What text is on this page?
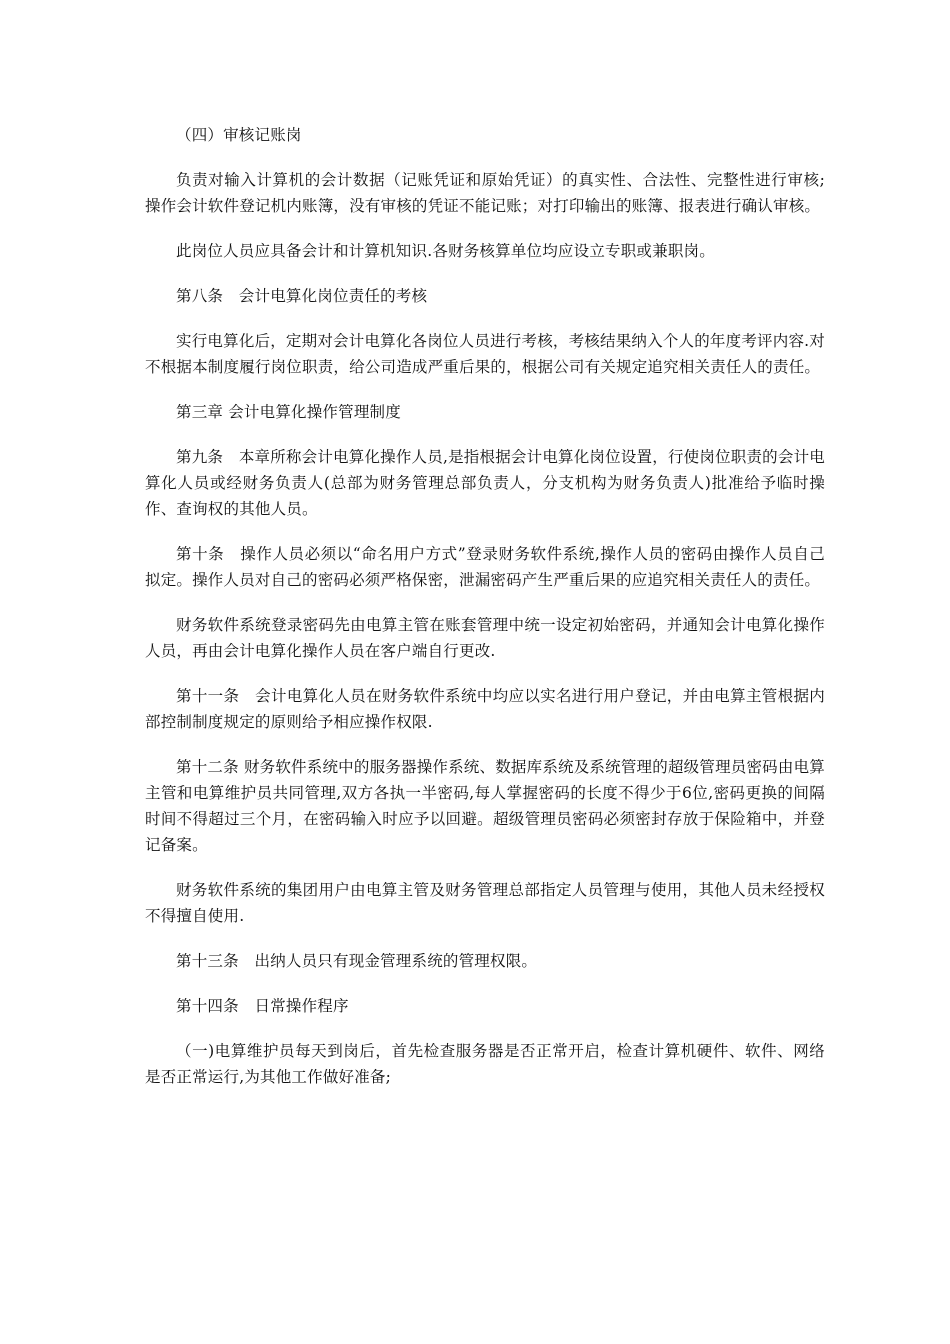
（四）审核记账岗

负责对输入计算机的会计数据（记账凭证和原始凭证）的真实性、合法性、完整性进行审核;操作会计软件登记机内账簿，没有审核的凭证不能记账；对打印输出的账簿、报表进行确认审核。

此岗位人员应具备会计和计算机知识.各财务核算单位均应设立专职或兼职岗。

第八条　会计电算化岗位责任的考核

实行电算化后，定期对会计电算化各岗位人员进行考核，考核结果纳入个人的年度考评内容.对不根据本制度履行岗位职责，给公司造成严重后果的，根据公司有关规定追究相关责任人的责任。

第三章 会计电算化操作管理制度

第九条　本章所称会计电算化操作人员,是指根据会计电算化岗位设置，行使岗位职责的会计电算化人员或经财务负责人(总部为财务管理总部负责人，分支机构为财务负责人)批准给予临时操作、查询权的其他人员。

第十条　操作人员必须以“命名用户方式”登录财务软件系统,操作人员的密码由操作人员自己拟定。操作人员对自己的密码必须严格保密，泄漏密码产生严重后果的应追究相关责任人的责任。

财务软件系统登录密码先由电算主管在账套管理中统一设定初始密码，并通知会计电算化操作人员，再由会计电算化操作人员在客户端自行更改.

第十一条　会计电算化人员在财务软件系统中均应以实名进行用户登记，并由电算主管根据内部控制制度规定的原则给予相应操作权限.

第十二条 财务软件系统中的服务器操作系统、数据库系统及系统管理的超级管理员密码由电算主管和电算维护员共同管理,双方各执一半密码,每人掌握密码的长度不得少于6位,密码更换的间隔时间不得超过三个月，在密码输入时应予以回避。超级管理员密码必须密封存放于保险箱中，并登记备案。

财务软件系统的集团用户由电算主管及财务管理总部指定人员管理与使用，其他人员未经授权不得擅自使用.

第十三条　出纳人员只有现金管理系统的管理权限。

第十四条　日常操作程序

（一)电算维护员每天到岗后，首先检查服务器是否正常开启，检查计算机硬件、软件、网络是否正常运行,为其他工作做好准备;
